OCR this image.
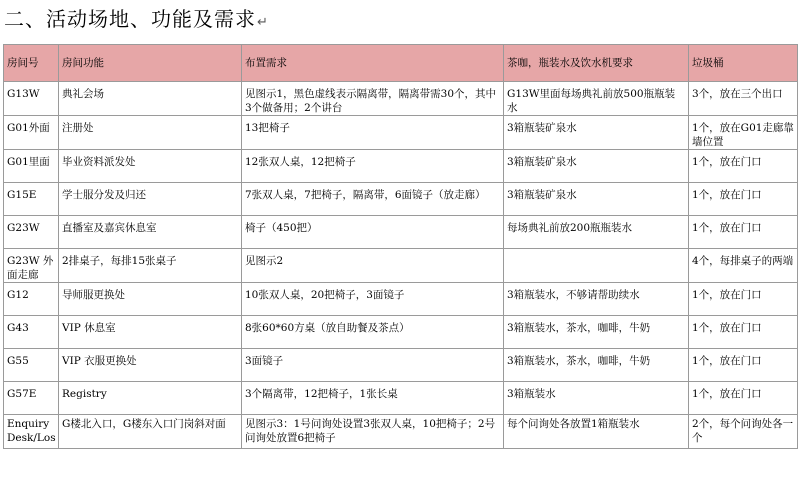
二、活动场地、功能及需求↵
房间号	房间功能	布置需求	茶咖，瓶装水及饮水机要求	垃圾桶
G13W	典礼会场	见图示1，黑色虚线表示隔离带，隔离带需30个，其中3个做备用；2个讲台	G13W里面每场典礼前放500瓶瓶装水	3个，放在三个出口
G01外面	注册处	13把椅子	3箱瓶装矿泉水	1个，放在G01走廊靠墙位置
G01里面	毕业资料派发处	12张双人桌，12把椅子	3箱瓶装矿泉水	1个，放在门口
G15E	学士服分发及归还	7张双人桌，7把椅子，隔离带，6面镜子（放走廊）	3箱瓶装矿泉水	1个，放在门口
G23W	直播室及嘉宾休息室	椅子（450把）	每场典礼前放200瓶瓶装水	1个，放在门口
G23W 外面走廊	2排桌子，每排15张桌子	见图示2		4个，每排桌子的两端
G12	导师服更换处	10张双人桌，20把椅子，3面镜子	3箱瓶装水，不够请帮助续水	1个，放在门口
G43	VIP 休息室	8张60*60方桌（放自助餐及茶点）	3箱瓶装水，茶水，咖啡，牛奶	1个，放在门口
G55	VIP 衣服更换处	3面镜子	3箱瓶装水，茶水，咖啡，牛奶	1个，放在门口
G57E	Registry	3个隔离带，12把椅子，1张长桌	3箱瓶装水	1个，放在门口
Enquiry Desk/Los	G楼北入口，G楼东入口门岗斜对面	见图示3：1号问询处设置3张双人桌，10把椅子；2号问询处放置6把椅子	每个问询处各放置1箱瓶装水	2个，每个问询处各一个
